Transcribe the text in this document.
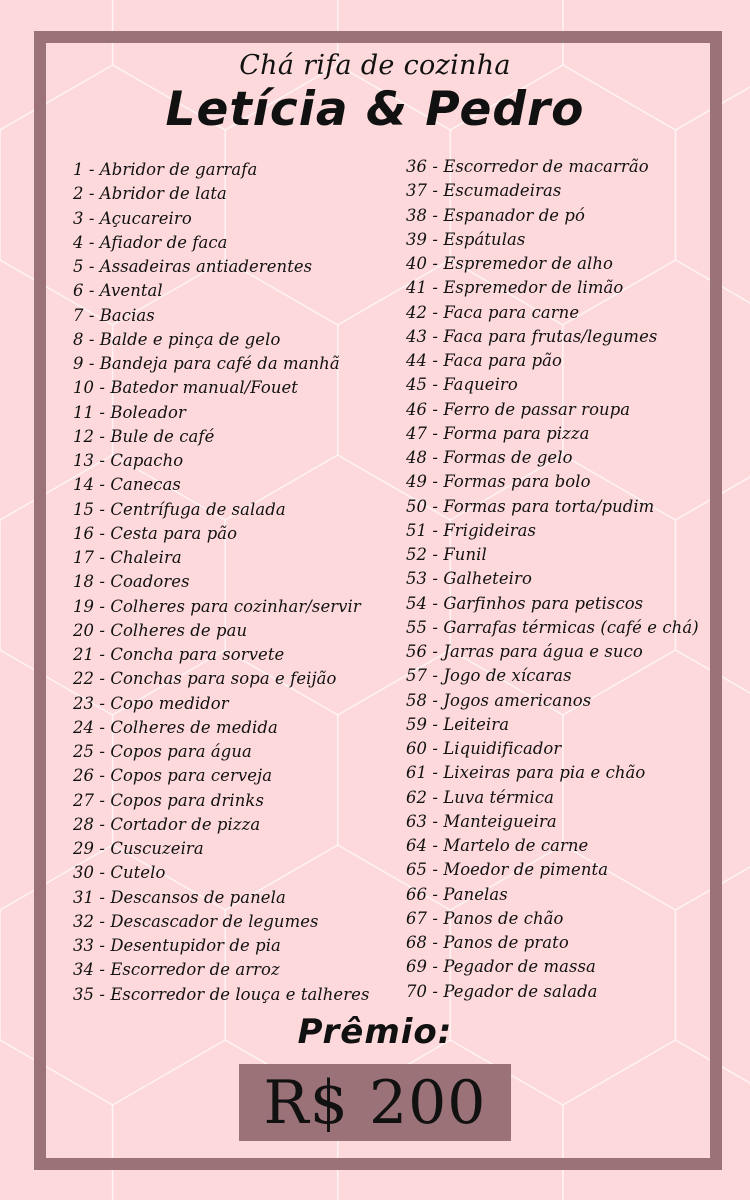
Chá rifa de cozinha
Letícia & Pedro
1 - Abridor de garrafa
2 - Abridor de lata
3 - Açucareiro
4 - Afiador de faca
5 - Assadeiras antiaderentes
6 - Avental
7 - Bacias
8 - Balde e pinça de gelo
9 - Bandeja para café da manhã
10 - Batedor manual/Fouet
11 - Boleador
12 - Bule de café
13 - Capacho
14 - Canecas
15 - Centrífuga de salada
16 - Cesta para pão
17 - Chaleira
18 - Coadores
19 - Colheres para cozinhar/servir
20 - Colheres de pau
21 - Concha para sorvete
22 - Conchas para sopa e feijão
23 - Copo medidor
24 - Colheres de medida
25 - Copos para água
26 - Copos para cerveja
27 - Copos para drinks
28 - Cortador de pizza
29 - Cuscuzeira
30 - Cutelo
31 - Descansos de panela
32 - Descascador de legumes
33 - Desentupidor de pia
34 - Escorredor de arroz
35 - Escorredor de louça e talheres
36 - Escorredor de macarrão
37 - Escumadeiras
38 - Espanador de pó
39 - Espátulas
40 - Espremedor de alho
41 - Espremedor de limão
42 - Faca para carne
43 - Faca para frutas/legumes
44 - Faca para pão
45 - Faqueiro
46 - Ferro de passar roupa
47 - Forma para pizza
48 - Formas de gelo
49 - Formas para bolo
50 - Formas para torta/pudim
51 - Frigideiras
52 - Funil
53 - Galheteiro
54 - Garfinhos para petiscos
55 - Garrafas térmicas (café e chá)
56 - Jarras para água e suco
57 - Jogo de xícaras
58 - Jogos americanos
59 - Leiteira
60 - Liquidificador
61 - Lixeiras para pia e chão
62 - Luva térmica
63 - Manteigueira
64 - Martelo de carne
65 - Moedor de pimenta
66 - Panelas
67 - Panos de chão
68 - Panos de prato
69 - Pegador de massa
70 - Pegador de salada
Prêmio:
R$ 200
